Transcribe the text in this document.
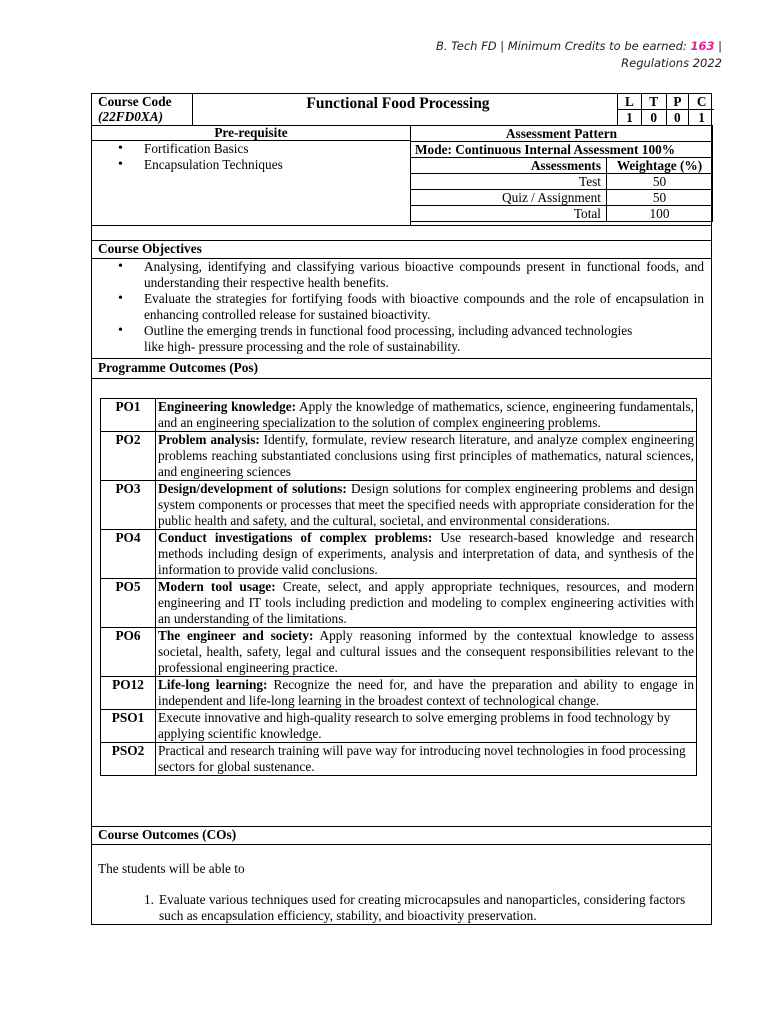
B. Tech FD | Minimum Credits to be earned: 163 |
Regulations 2022
Course Code
(22FD0XA)
Functional Food Processing	L	T	P	C
1	0	0	1
Pre-requisite
• Fortification Basics
• Encapsulation Techniques
Assessment Pattern	
Mode: Continuous Internal Assessment 100%	
Assessments	Weightage (%)
Test	50
Quiz / Assignment	50
Total	100
Course Objectives
• Analysing, identifying and classifying various bioactive compounds present in functional foods, and understanding their respective health benefits.
• Evaluate the strategies for fortifying foods with bioactive compounds and the role of encapsulation in enhancing controlled release for sustained bioactivity.
• Outline the emerging trends in functional food processing, including advanced technologies like high- pressure processing and the role of sustainability.
Programme Outcomes (Pos)
PO1	Engineering knowledge: Apply the knowledge of mathematics, science, engineering fundamentals, and an engineering specialization to the solution of complex engineering problems.
PO2	Problem analysis: Identify, formulate, review research literature, and analyze complex engineering problems reaching substantiated conclusions using first principles of mathematics, natural sciences, and engineering sciences
PO3	Design/development of solutions: Design solutions for complex engineering problems and design system components or processes that meet the specified needs with appropriate consideration for the public health and safety, and the cultural, societal, and environmental considerations.
PO4	Conduct investigations of complex problems: Use research-based knowledge and research methods including design of experiments, analysis and interpretation of data, and synthesis of the information to provide valid conclusions.
PO5	Modern tool usage: Create, select, and apply appropriate techniques, resources, and modern engineering and IT tools including prediction and modeling to complex engineering activities with an understanding of the limitations.
PO6	The engineer and society: Apply reasoning informed by the contextual knowledge to assess societal, health, safety, legal and cultural issues and the consequent responsibilities relevant to the professional engineering practice.
PO12	Life-long learning: Recognize the need for, and have the preparation and ability to engage in independent and life-long learning in the broadest context of technological change.
PSO1	Execute innovative and high-quality research to solve emerging problems in food technology by applying scientific knowledge.
PSO2	Practical and research training will pave way for introducing novel technologies in food processing sectors for global sustenance.
Course Outcomes (COs)
The students will be able to
1. Evaluate various techniques used for creating microcapsules and nanoparticles, considering factors such as encapsulation efficiency, stability, and bioactivity preservation.
